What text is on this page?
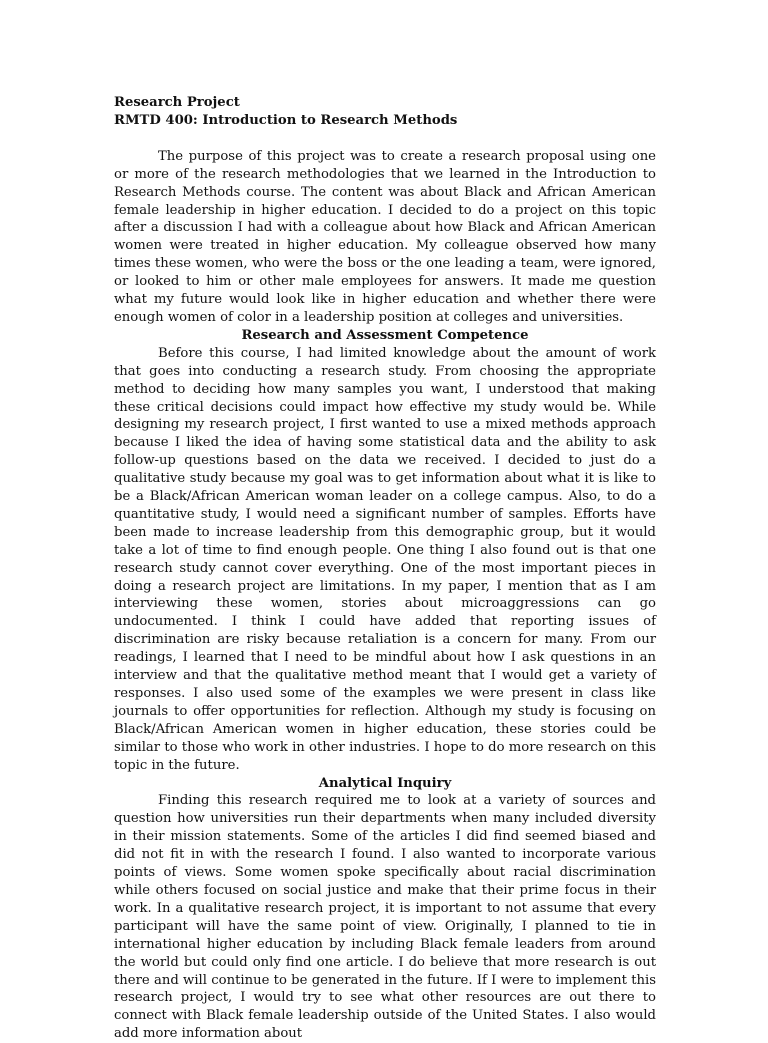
Research Project

RMTD 400: Introduction to Research Methods

The purpose of this project was to create a research proposal using one or more of the research methodologies that we learned in the Introduction to Research Methods course. The content was about Black and African American female leadership in higher education. I decided to do a project on this topic after a discussion I had with a colleague about how Black and African American women were treated in higher education. My colleague observed how many times these women, who were the boss or the one leading a team, were ignored, or looked to him or other male employees for answers. It made me question what my future would look like in higher education and whether there were enough women of color in a leadership position at colleges and universities.

Research and Assessment Competence

Before this course, I had limited knowledge about the amount of work that goes into conducting a research study. From choosing the appropriate method to deciding how many samples you want, I understood that making these critical decisions could impact how effective my study would be. While designing my research project, I first wanted to use a mixed methods approach because I liked the idea of having some statistical data and the ability to ask follow-up questions based on the data we received. I decided to just do a qualitative study because my goal was to get information about what it is like to be a Black/African American woman leader on a college campus. Also, to do a quantitative study, I would need a significant number of samples. Efforts have been made to increase leadership from this demographic group, but it would take a lot of time to find enough people. One thing I also found out is that one research study cannot cover everything. One of the most important pieces in doing a research project are limitations. In my paper, I mention that as I am interviewing these women, stories about microaggressions can go undocumented. I think I could have added that reporting issues of discrimination are risky because retaliation is a concern for many. From our readings, I learned that I need to be mindful about how I ask questions in an interview and that the qualitative method meant that I would get a variety of responses. I also used some of the examples we were present in class like journals to offer opportunities for reflection. Although my study is focusing on Black/African American women in higher education, these stories could be similar to those who work in other industries. I hope to do more research on this topic in the future.

Analytical Inquiry

Finding this research required me to look at a variety of sources and question how universities run their departments when many included diversity in their mission statements. Some of the articles I did find seemed biased and did not fit in with the research I found. I also wanted to incorporate various points of views. Some women spoke specifically about racial discrimination while others focused on social justice and make that their prime focus in their work. In a qualitative research project, it is important to not assume that every participant will have the same point of view. Originally, I planned to tie in international higher education by including Black female leaders from around the world but could only find one article. I do believe that more research is out there and will continue to be generated in the future. If I were to implement this research project, I would try to see what other resources are out there to connect with Black female leadership outside of the United States. I also would add more information about
